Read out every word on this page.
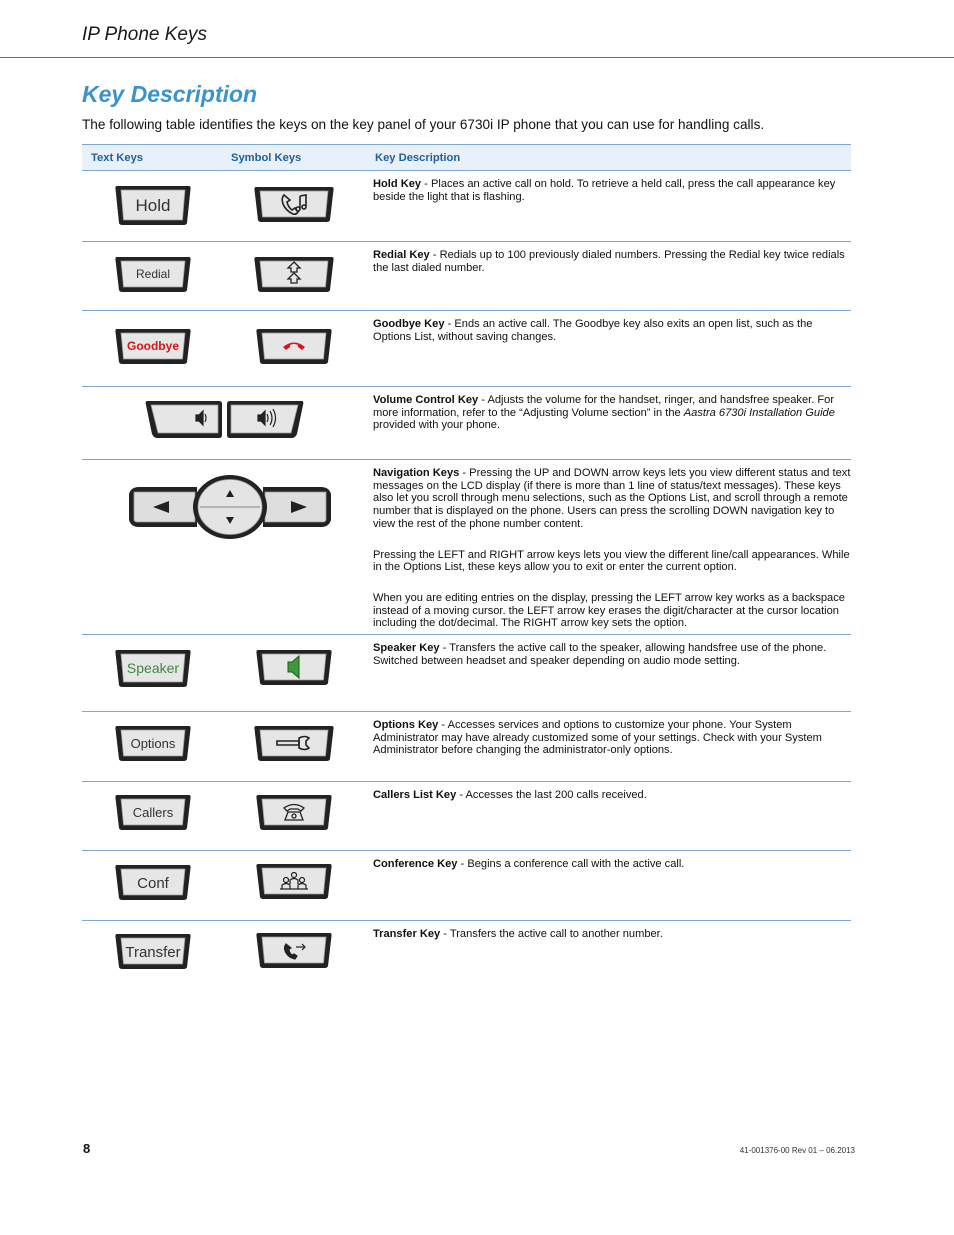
IP Phone Keys
Key Description
The following table identifies the keys on the key panel of your 6730i IP phone that you can use for handling calls.
Text Keys	Symbol Keys	Key Description

Hold		Hold Key - Places an active call on hold. To retrieve a held call, press the call appearance key beside the light that is flashing.

Redial		Redial Key - Redials up to 100 previously dialed numbers. Pressing the Redial key twice redials the last dialed number.

Goodbye		Goodbye Key - Ends an active call. The Goodbye key also exits an open list, such as the Options List, without saving changes.

	Volume Control Key - Adjusts the volume for the handset, ringer, and handsfree speaker. For more information, refer to the “Adjusting Volume section” in the Aastra 6730i Installation Guide provided with your phone.

Navigation Keys - Pressing the UP and DOWN arrow keys lets you view different status and text messages on the LCD display (if there is more than 1 line of status/text messages). These keys also let you scroll through menu selections, such as the Options List, and scroll through a remote number that is displayed on the phone. Users can press the scrolling DOWN navigation key to view the rest of the phone number content.

Pressing the LEFT and RIGHT arrow keys lets you view the different line/call appearances. While in the Options List, these keys allow you to exit or enter the current option.

When you are editing entries on the display, pressing the LEFT arrow key works as a backspace instead of a moving cursor. the LEFT arrow key erases the digit/character at the cursor location including the dot/decimal. The RIGHT arrow key sets the option.

Speaker		Speaker Key - Transfers the active call to the speaker, allowing handsfree use of the phone. Switched between headset and speaker depending on audio mode setting.

Options		Options Key - Accesses services and options to customize your phone. Your System Administrator may have already customized some of your settings. Check with your System Administrator before changing the administrator-only options.

Callers		Callers List Key - Accesses the last 200 calls received.

Conf		Conference Key - Begins a conference call with the active call.

Transfer		Transfer Key - Transfers the active call to another number.
8	41-001376-00 Rev 01 – 06.2013
